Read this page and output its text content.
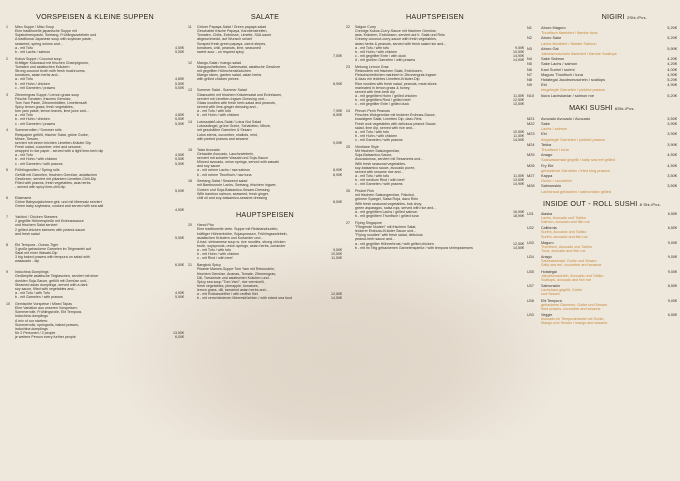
VORSPEISEN & KLEINE SUPPEN
1	Miso Suppe / Miso Soup
Eine traditionelle japanische Suppe mit
Sojabohnenpaste, Seetang, Frühlingszwiebeln und
A traditional Japanese soup with soybean paste,
seaweed, spring onions and...
a - mit Tofu	4,50€
b - mit Lachs / salmon	5,50€
2	Kokos Suppe / Coconut soup
Kräftiger Kokossud mit frischen Champignons,
Tomaten und asiatischen Kräutern
Strong coconut broth with fresh mushrooms,
tomatoes, asian herbs and...
a - mit Tofu	4,80€
b - mit Huhn / chicken	5,50€
c - mit Garnelen / prawns	5,50€
3	Zitronengras Suppe / Lemon grass soup
Frische Tomaten, frisches Gemüse,
Tom Yam Paste, Zitronenblätter, Limettensaft
Spicy lemon grass, fresh vegetables,
tom yam paste, lemon leaves, lime juice and...
a - mit Tofu	4,80€
b - mit Huhn / chicken	5,50€
c - mit Garnelen / prawns	5,50€
4	Sommerrollen / Summer rolls
Reispapier gefüllt, frischer Salat, grüne Gurke,
Minze, Sesam,
serviert mit einem leichten Limetten-Kräuter Dip
Fresh salad, cucumber, mint and sesame,
wrapped in rice paper - served with a light lime-herb dip
a - mit Tofu	4,50€
b - mit Huhn / with chicken	5,50€
c - mit Garnelen / with prawns	5,50€
5	Frühlingsrollen / Spring rolls
Gefüllt mit Garnelen, frischem Gemüse, asiatischen
Gewürzen, serviert mit pikantem Limetten-Chili-Dip
Filled with prawns, fresh vegetables, asia herbs
- served with spicy lime-chili dip
5,00€
6	Edamame
Grüne Babysojabohnen gek. und mit Meersalz serviert
Green baby soybeans, cooked and served with sea salt
4,50€
7	Yakitori / Chicken Skewers
2 gegrillte Hühnerspieße mit Erdnusssauce
und frischem Salat serviert
2 grilled chicken skewers with peanut-sauce
and fresh salad
5,50€
8	Ebi Tempura - Ocean-Tiger
3 große gebackene Garnelen im Teigmantel auf
Salat mit einer Wasabi-Dip
3 big baked prawns with tempura on salad with
wasacado - dip
6,50€
9	Indochina Dumplings
Gedämpfte asiatische Teigtaschen, serviert mit einer
dunklen Soja-Sauce, gefüllt mit Gemüse und...
Steamed asian dumplings ,served with a dark
soy sauce, filled with vegetables and...
a - mit Tofu / with Tofu	4,90€
b - mit Garnelen / with prawns	5,90€
10	Gemischte Vorspeise / Mixed Tapas
Eine Variation aus unseren Vorspeisen:
Sommerrolle, Frühlingsrolle, Ebi Tempura,
Indochina dumplings
A mix of our starters:
Summerrolls, springrolls, baked prawns,
indochina dumplings
für 2 Personen / 2 people	13,50€
je weitere Person every further people	6,00€
SALATE
11	Grüner Papaya-Salat / Green papaya salad
Geschabte frische Papaya, Karottenstreifen,
Tomaten, Chilis, Erdnüsse, Limette, Süß-sauer
abgeschmeckt, auf Wunsch scharf
Scraped fresh green papaya, carrot stripes,
tomatoes, chili, peanuts, lime, seasoned
sweet-sour - on request spicy
7,50€
12	Mango-Salat / mango salad
Mangoscheibchen, Gartensalat, asiatische Gewürze
mit gegrillten Hühnchenstückchen
Mango slices, garden salad, asian herbs
with grilled chicken pieces
8,90€
13	Sommer Salat - Summer Salad
Glasnudeln mit frischem Kräutersalat und Erdnüssen,
serviert mit Limetten-Ingwer-Dressing und...
Glass noodles with fresh herb-salad and peanuts,
served with lime-ginger dressing and...
a - mit Tofu / with tofu	7,90€
b - mit Huhn / with chicken	8,90€
14	Lotussalat/Lotus-Salat / Lotus Nut Salad
Lotusstängel, grüne Gurke, Schalotten, Minze,
mit geschälten Garnelen & Sesam
Lotus stems, cucumber, shallots, mint,
with peeled prawns and sesame
9,00€
15	Tatar Avocado
Gehackte Avocado, Lauchzwiebeln,
serviert mit scharfer Wasabi und Soja-Sauce
Minced avocado, onion springs, served with wasabi
and soy sauce
a - mit rohem Lachs / raw salmon	8,90€
b - mit rohem Thunfisch / raw tuna	8,90€
16	Seetang-Salat / Seaweed salad
mit Bambusrohr Lachs, Seetang, frischem Ingwer,
Gurken und Soja-Balsamico-Sesam-Dressing
With bamboo salmon, seaweed, fresh ginger,
chili oil and soy-balsamico-sesame dressing
8,50€
HAUPTSPEISEN
20	Hanoi Pho
Eine traditionelle vietn. Suppe mit Reisbandnudeln,
kräftiger Hühnerbrühe, Sojasprossen, Frühlingszwiebeln,
asiatischen Kräutern und Koriander und...
A trad. vietnamese soup w. rice noodles, strong chicken
broth, soysprouts, onion springs, asian herbs, coriander
a - mit Tofu / with tofu	9,50€
b - mit Huhn / with chicken	10,50€
c - mit Rind / with beef	11,50€
21	Bangkok Spicy
Pikante Mames-Suppe Tom Yam mit Reisnudeln,
frischem Gemüse, Ananas, Tomate, Zitronengras,
Dill, Tamarinde und asiatischen Kräutern und...
Spicy sea soup "Tom Yam", rice vermicelli,
fresh vegetables, pineapple, tomatoes,
lemon grass, dill, tamarind asian herbs and...
a - mit Rotbarschfilet / with redfish filet	12,50€
b - mit verschiedenen Meeresfrüchten / with mixed sea food	14,50€
HAUPTSPEISEN
22	Saigon Curry
Cremige Kokos-Curry-Sauce mit frischem Gemüse,
asia. Kräutern, Erdnüssen, serviert auf Ir. Salat und Reis
Creamy coconut-curry-sauce with fresh vegetables,
asian herbs & peanuts, served with fresh salad rice and...
a - mit Tofu / with tofu	9,50€
b - mit Huhn / with chicken	10,50€
c - mit gegrillter Ente / with duck	14,90€
d - mit großen Garnelen / with prawns	14,90€
23	Mekong Lemon Gras
Reisnudeln mit frischem Salat, Erdnüssen,
Fleischscheibchen mariniert in Zitronengras Ingwer
& dazu ein leichtes Limetten-Kräuter-Dip
Rice noodles with fresh salad, peanuts, meat slices
marinated in lemon grass & honey,
served with lime-herb dip
a - mit gegrilltem Huhn / grilled chicken	11,50€
b - mit gegrilltem Rind / grilled beef	12,50€
c - mit gegrillter Ente / grilled duck	13,50€
24	Phnom Penh Peanuts
Frisches Wokgemüse mit leckerer Erdnuss-Sauce,
knackigem Salat, Limetten Dip, dazu Reis
Fresh wok vegetables with delicious peanut Sauce,
salad, lime dip, served with rice and...
a - mit Tofu / with tofu	10,50€
b - mit Huhn / with chicken	11,50€
c - mit Garnelen / with prawns	14,50€
25	Vientiane Style
Mit frischem Saisongemüse,
Soja-Balsamico-Sauce,
Avocadomus, serviert mit Sesamreis und...
With fresh seasonal vegetables,
soy-balsamico sauce, avocado puree,
served with sesame rice and...
a - mit Tofu / with tofu	11,50€
b - mit medium Rind / with beef	13,50€
c - mit Garnelen / with prawns	14,90€
26	Phuket Fish
mit frischem Saisongemüse, Pakchoi,
grünem Spargel, Salsa Roja, dazu Reis
With fresh seasonal vegetables, bok choy,
green asparagus, salsa roja, served with rice and...
a - mit gegrilltem Lachs / grilled salmon	16,90€
b - mit gegrilltem Thunfisch / grilled tuna	18,90€
27	Flying Singapore
"Fliegende Nudeln" mit frischem Salat,
leckerer Erdnuss-Kräuter Sauce und...
"Flying noodles" with fresh salad, delicious
peanut-herb sauce and...
a - mit gegrillter Hühnerbrust / with grilled chicken	12,50€
b - mit im Teig gebackenen Garnelenspieße / with tempura shrimpskewers	14,50€
NIGIRI 2Stk./Pcs.
N1	Aburo Maguro
Thunfisch flambiert / flambe tuna
5,20€
N2	Aburo Sake
Lachs flambiert / flambe Salmon
5,20€
N3	Aburo Gai
Jakobsmuschein flambiert / flambe Scallops
5,90€
N4	Sake Salmon	4,20€
N5	Sake Lachs / salmon	4,20€
N6	Kani Surimi / surimi	4,00€
N7	Maguro Thunfisch / tuna	4,90€
N8	Hotategai Jacobsmuscheln / scallops	5,20€
N9	Ebi
eingelegte Garnelen / pickled prawns
4,90€
N10	Ikura Lachskaviar / salmon roe	5,20€
MAKI SUSHI 6Stk./Pcs.
M21	Avocado Avocado / Avocado	3,50€
M22	Sake
Lachs / salmon
3,90€
M23	Ebi
eingelegte Garnelen / pickled prawns
3,90€
M24	Tekka
Thunfisch / tuna
3,90€
M25	Anago
Salzwasseraal gegrillt / salty sea eel grilled
4,50€
M26	Fry Ebi
gebackene Garnelen / fried king prawns
4,50€
M27	Kappa
Gurke / cucumber
3,50€
M28	Salmonskin
Lachshaut gebacken / salmonskin grilled
3,50€
INSIDE OUT - ROLL SUSHI 8 Stk./Pcs.
U31	Alaska
Lachs, Avocado und Tobiko
Salmon, avocado and fish roe
6,50€
U32	California
Surimi, Avocado und Tobiko
Surimi, avocado and fish roe
6,50€
U33	Maguro
Thunfisch, Avocado und Tobiko
Tuna, avocado and fish roe
9,00€
U34	Anago
Salzwasseraal, Gurke und Sesam
Salty sea eel, cucumber and sesame
9,00€
U35	Hotategai
Jakobsmuscheln, Avocado und Tobiko
Scallops, avocado and fish roe
9,00€
U37	Salmonskin
Lachshaut gegrillt, Gurke
und Sesam
8,50€
U38	Ebi Tempura
gebackene Garnelen, Gurke und Sesam
fried prawns, cucumber and sesame
9,00€
U33	Veggie
Avocado im Tempuramantel mit Gurke,
Mango und Sesam / mango and sesame
6,50€
